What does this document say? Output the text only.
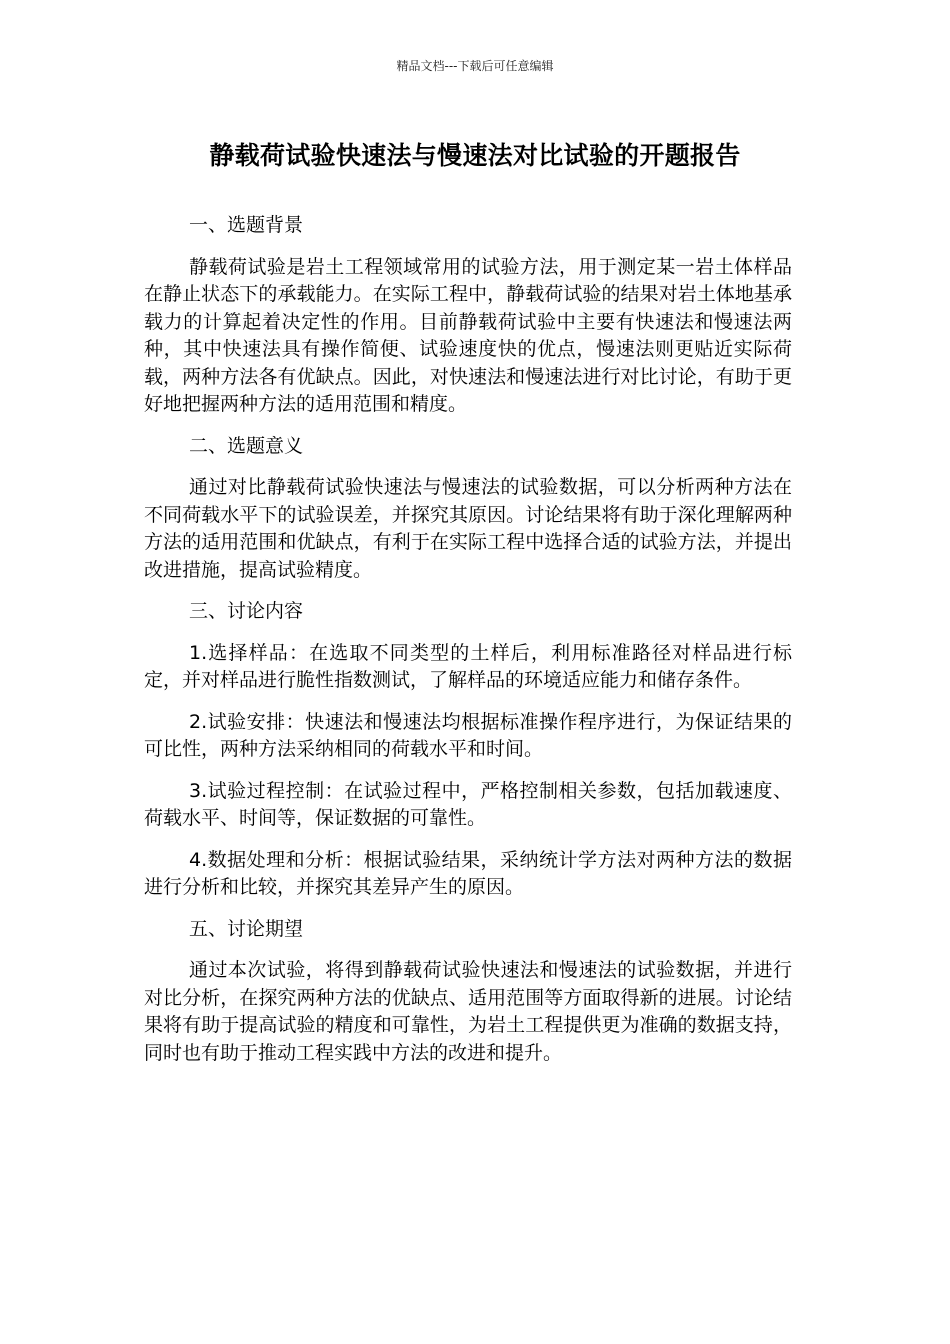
精品文档---下载后可任意编辑
静载荷试验快速法与慢速法对比试验的开题报告

一、选题背景

静载荷试验是岩土工程领域常用的试验方法，用于测定某一岩土体样品在静止状态下的承载能力。在实际工程中，静载荷试验的结果对岩土体地基承载力的计算起着决定性的作用。目前静载荷试验中主要有快速法和慢速法两种，其中快速法具有操作简便、试验速度快的优点，慢速法则更贴近实际荷载，两种方法各有优缺点。因此，对快速法和慢速法进行对比讨论，有助于更好地把握两种方法的适用范围和精度。

二、选题意义

通过对比静载荷试验快速法与慢速法的试验数据，可以分析两种方法在不同荷载水平下的试验误差，并探究其原因。讨论结果将有助于深化理解两种方法的适用范围和优缺点，有利于在实际工程中选择合适的试验方法，并提出改进措施，提高试验精度。

三、讨论内容

1.选择样品：在选取不同类型的土样后，利用标准路径对样品进行标定，并对样品进行脆性指数测试，了解样品的环境适应能力和储存条件。

2.试验安排：快速法和慢速法均根据标准操作程序进行，为保证结果的可比性，两种方法采纳相同的荷载水平和时间。

3.试验过程控制：在试验过程中，严格控制相关参数，包括加载速度、荷载水平、时间等，保证数据的可靠性。

4.数据处理和分析：根据试验结果，采纳统计学方法对两种方法的数据进行分析和比较，并探究其差异产生的原因。

五、讨论期望

通过本次试验，将得到静载荷试验快速法和慢速法的试验数据，并进行对比分析，在探究两种方法的优缺点、适用范围等方面取得新的进展。讨论结果将有助于提高试验的精度和可靠性，为岩土工程提供更为准确的数据支持，同时也有助于推动工程实践中方法的改进和提升。
